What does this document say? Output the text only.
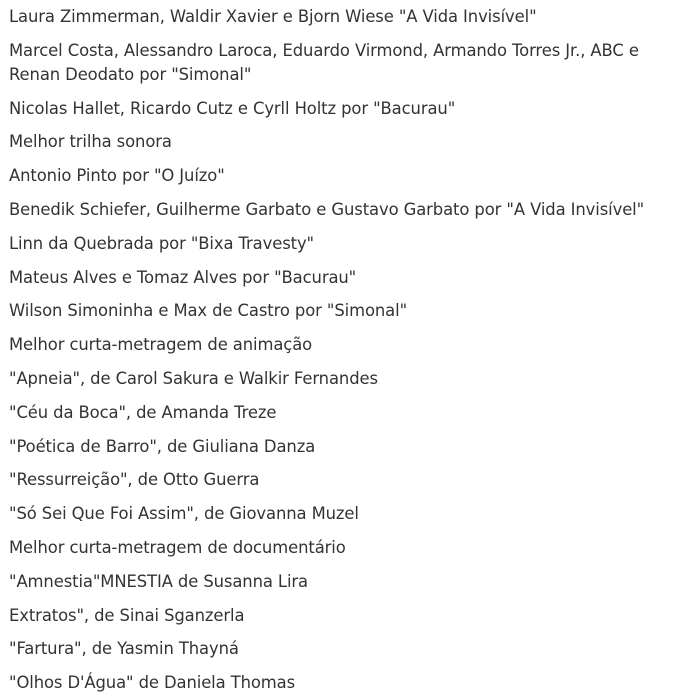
Laura Zimmerman, Waldir Xavier e Bjorn Wiese "A Vida Invisível"

Marcel Costa, Alessandro Laroca, Eduardo Virmond, Armando Torres Jr., ABC e Renan Deodato por "Simonal"

Nicolas Hallet, Ricardo Cutz e Cyrll Holtz por "Bacurau"

Melhor trilha sonora

Antonio Pinto por "O Juízo"

Benedik Schiefer, Guilherme Garbato e Gustavo Garbato por "A Vida Invisível"

Linn da Quebrada por "Bixa Travesty"

Mateus Alves e Tomaz Alves por "Bacurau"

Wilson Simoninha e Max de Castro por "Simonal"

Melhor curta-metragem de animação

"Apneia", de Carol Sakura e Walkir Fernandes

"Céu da Boca", de Amanda Treze

"Poética de Barro", de Giuliana Danza

"Ressurreição", de Otto Guerra

"Só Sei Que Foi Assim", de Giovanna Muzel

Melhor curta-metragem de documentário

"Amnestia"MNESTIA de Susanna Lira

Extratos", de Sinai Sganzerla

"Fartura", de Yasmin Thayná

"Olhos D'Água" de Daniela Thomas
